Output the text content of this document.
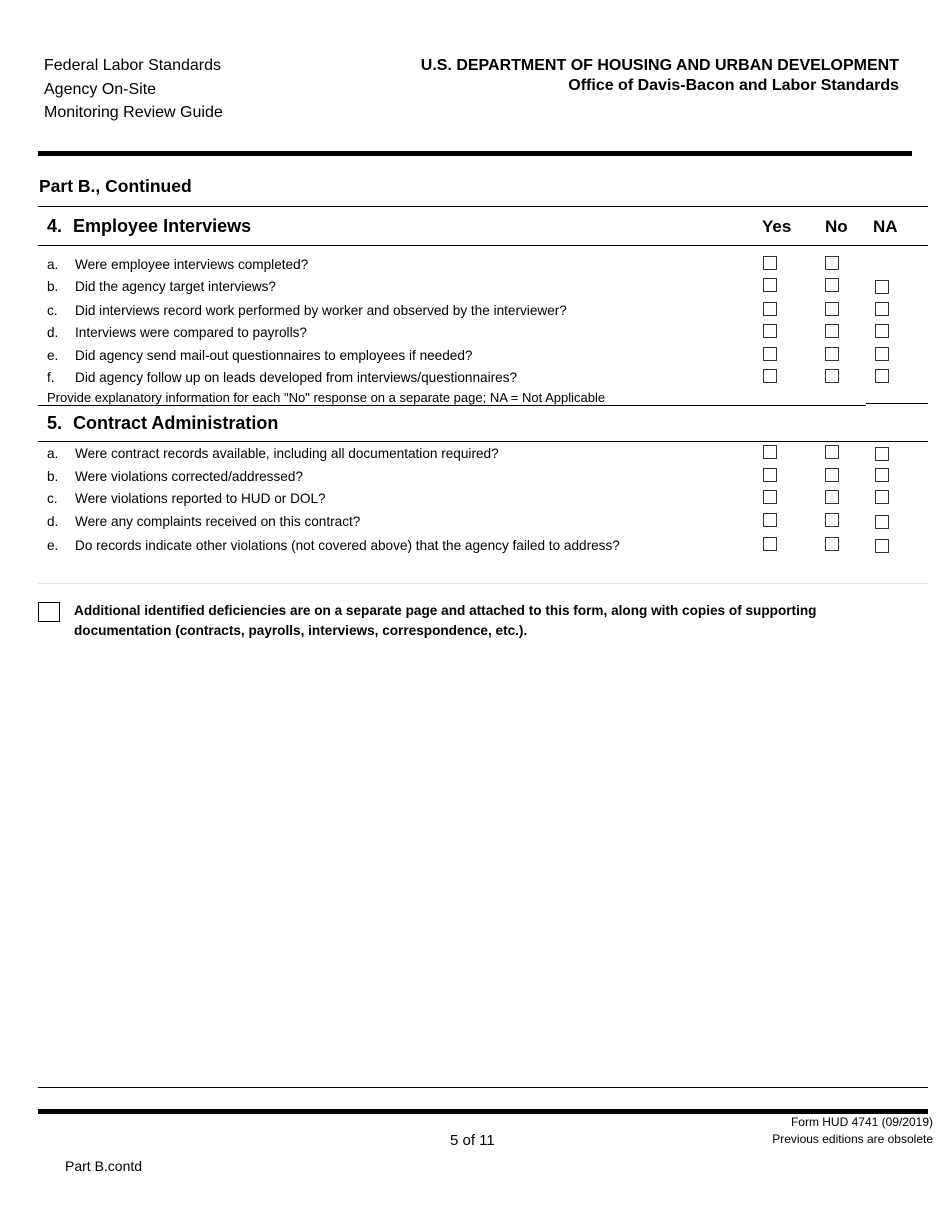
Federal Labor Standards
Agency On-Site
Monitoring Review Guide
U.S. DEPARTMENT OF HOUSING AND URBAN DEVELOPMENT
Office of Davis-Bacon and Labor Standards
Part B., Continued
4. Employee Interviews	Yes No NA
a. Were employee interviews completed?
b. Did the agency target interviews?
c. Did interviews record work performed by worker and observed by the interviewer?
d. Interviews were compared to payrolls?
e. Did agency send mail-out questionnaires to employees if needed?
f. Did agency follow up on leads developed from interviews/questionnaires?
Provide explanatory information for each "No" response on a separate page; NA = Not Applicable
5. Contract Administration
a. Were contract records available, including all documentation required?
b. Were violations corrected/addressed?
c. Were violations reported to HUD or DOL?
d. Were any complaints received on this contract?
e. Do records indicate other violations (not covered above) that the agency failed to address?
Additional identified deficiencies are on a separate page and attached to this form, along with copies of supporting documentation (contracts, payrolls, interviews, correspondence, etc.).
5 of 11
Form HUD 4741 (09/2019)
Previous editions are obsolete
Part B.contd
